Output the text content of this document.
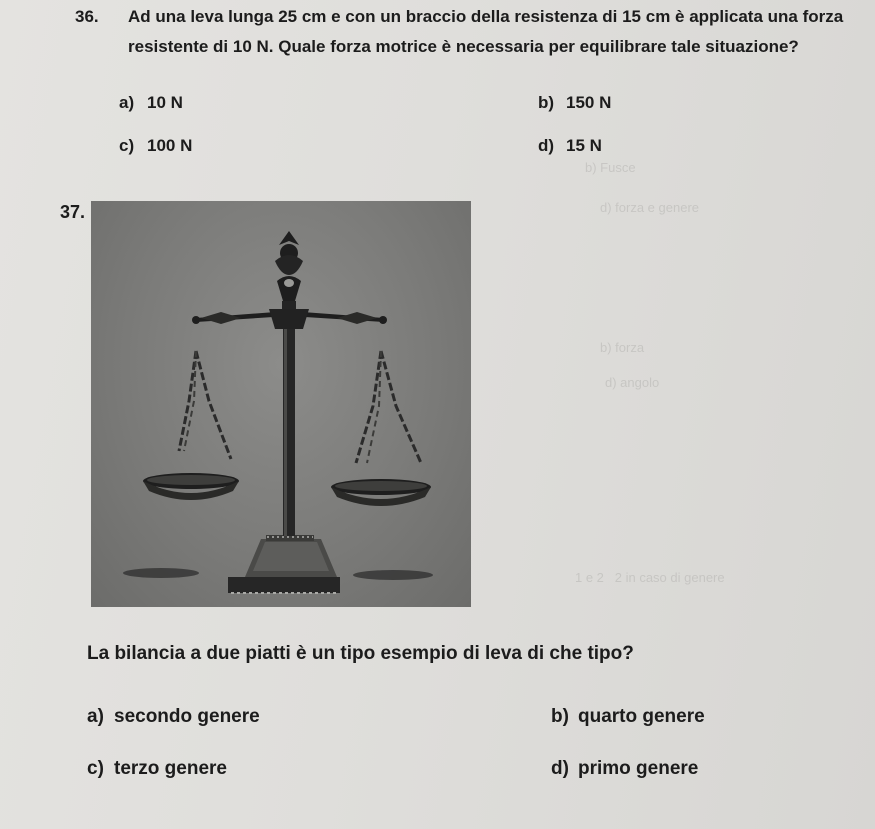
b) Fusce
d) forza e genere
b) forza
d) angolo
1 e 2   2 in caso di genere
36. Ad una leva lunga 25 cm e con un braccio della resistenza di 15 cm è applicata una forza
resistente di 10 N. Quale forza motrice è necessaria per equilibrare tale situazione?
a) 10 N	b) 150 N
c) 100 N	d) 15 N
37.
La bilancia a due piatti è un tipo esempio di leva di che tipo?
a) secondo genere	b) quarto genere
c) terzo genere	d) primo genere
